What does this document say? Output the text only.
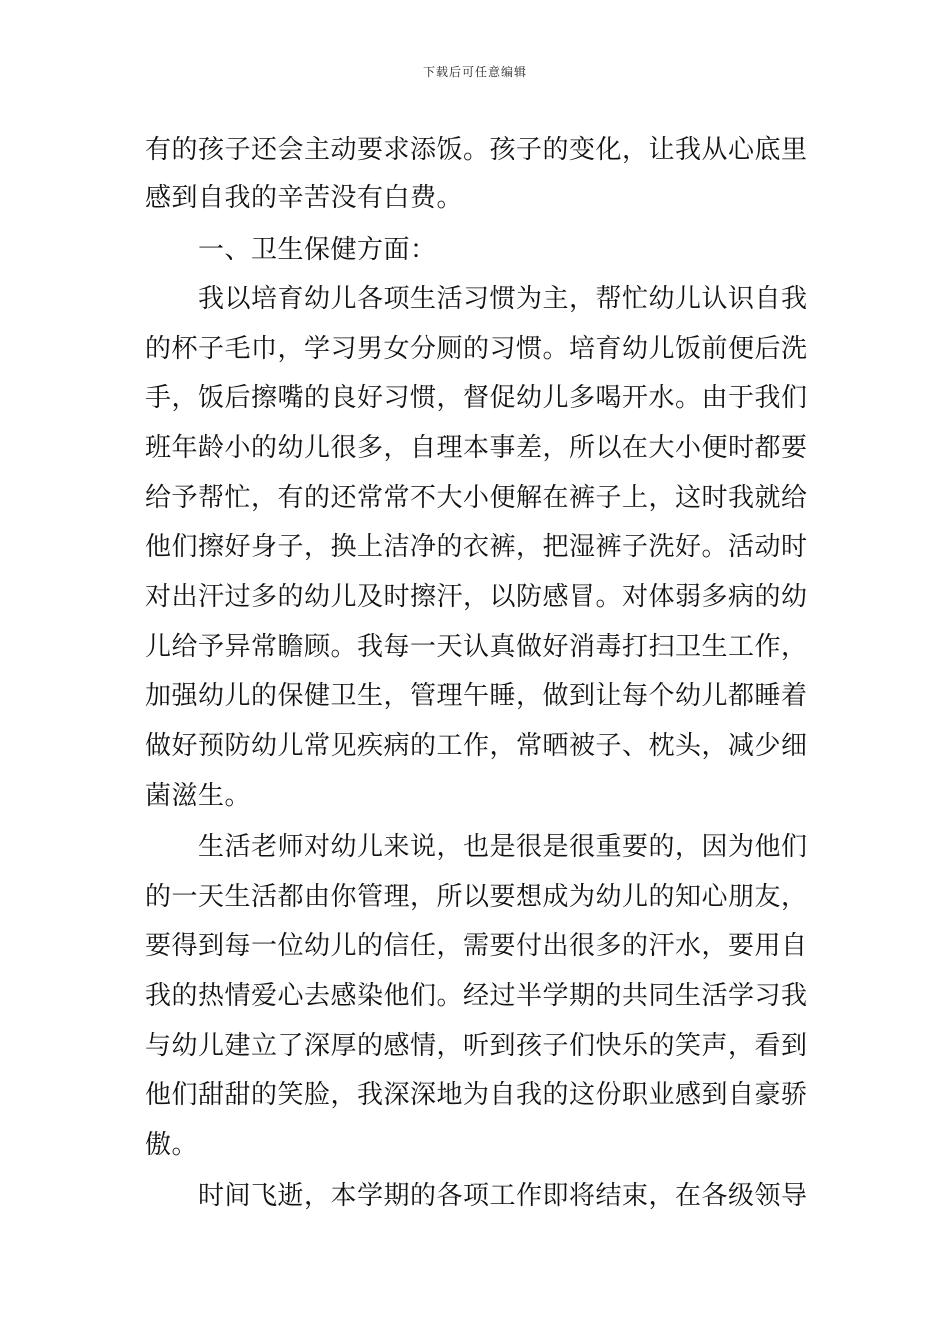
下载后可任意编辑
有的孩子还会主动要求添饭。孩子的变化，让我从心底里
感到自我的辛苦没有白费。
一、卫生保健方面：
我以培育幼儿各项生活习惯为主，帮忙幼儿认识自我
的杯子毛巾，学习男女分厕的习惯。培育幼儿饭前便后洗
手，饭后擦嘴的良好习惯，督促幼儿多喝开水。由于我们
班年龄小的幼儿很多，自理本事差，所以在大小便时都要
给予帮忙，有的还常常不大小便解在裤子上，这时我就给
他们擦好身子，换上洁净的衣裤，把湿裤子洗好。活动时
对出汗过多的幼儿及时擦汗，以防感冒。对体弱多病的幼
儿给予异常瞻顾。我每一天认真做好消毒打扫卫生工作，
加强幼儿的保健卫生，管理午睡，做到让每个幼儿都睡着
做好预防幼儿常见疾病的工作，常晒被子、枕头，减少细
菌滋生。
生活老师对幼儿来说，也是很是很重要的，因为他们
的一天生活都由你管理，所以要想成为幼儿的知心朋友，
要得到每一位幼儿的信任，需要付出很多的汗水，要用自
我的热情爱心去感染他们。经过半学期的共同生活学习我
与幼儿建立了深厚的感情，听到孩子们快乐的笑声，看到
他们甜甜的笑脸，我深深地为自我的这份职业感到自豪骄
傲。
时间飞逝，本学期的各项工作即将结束，在各级领导
